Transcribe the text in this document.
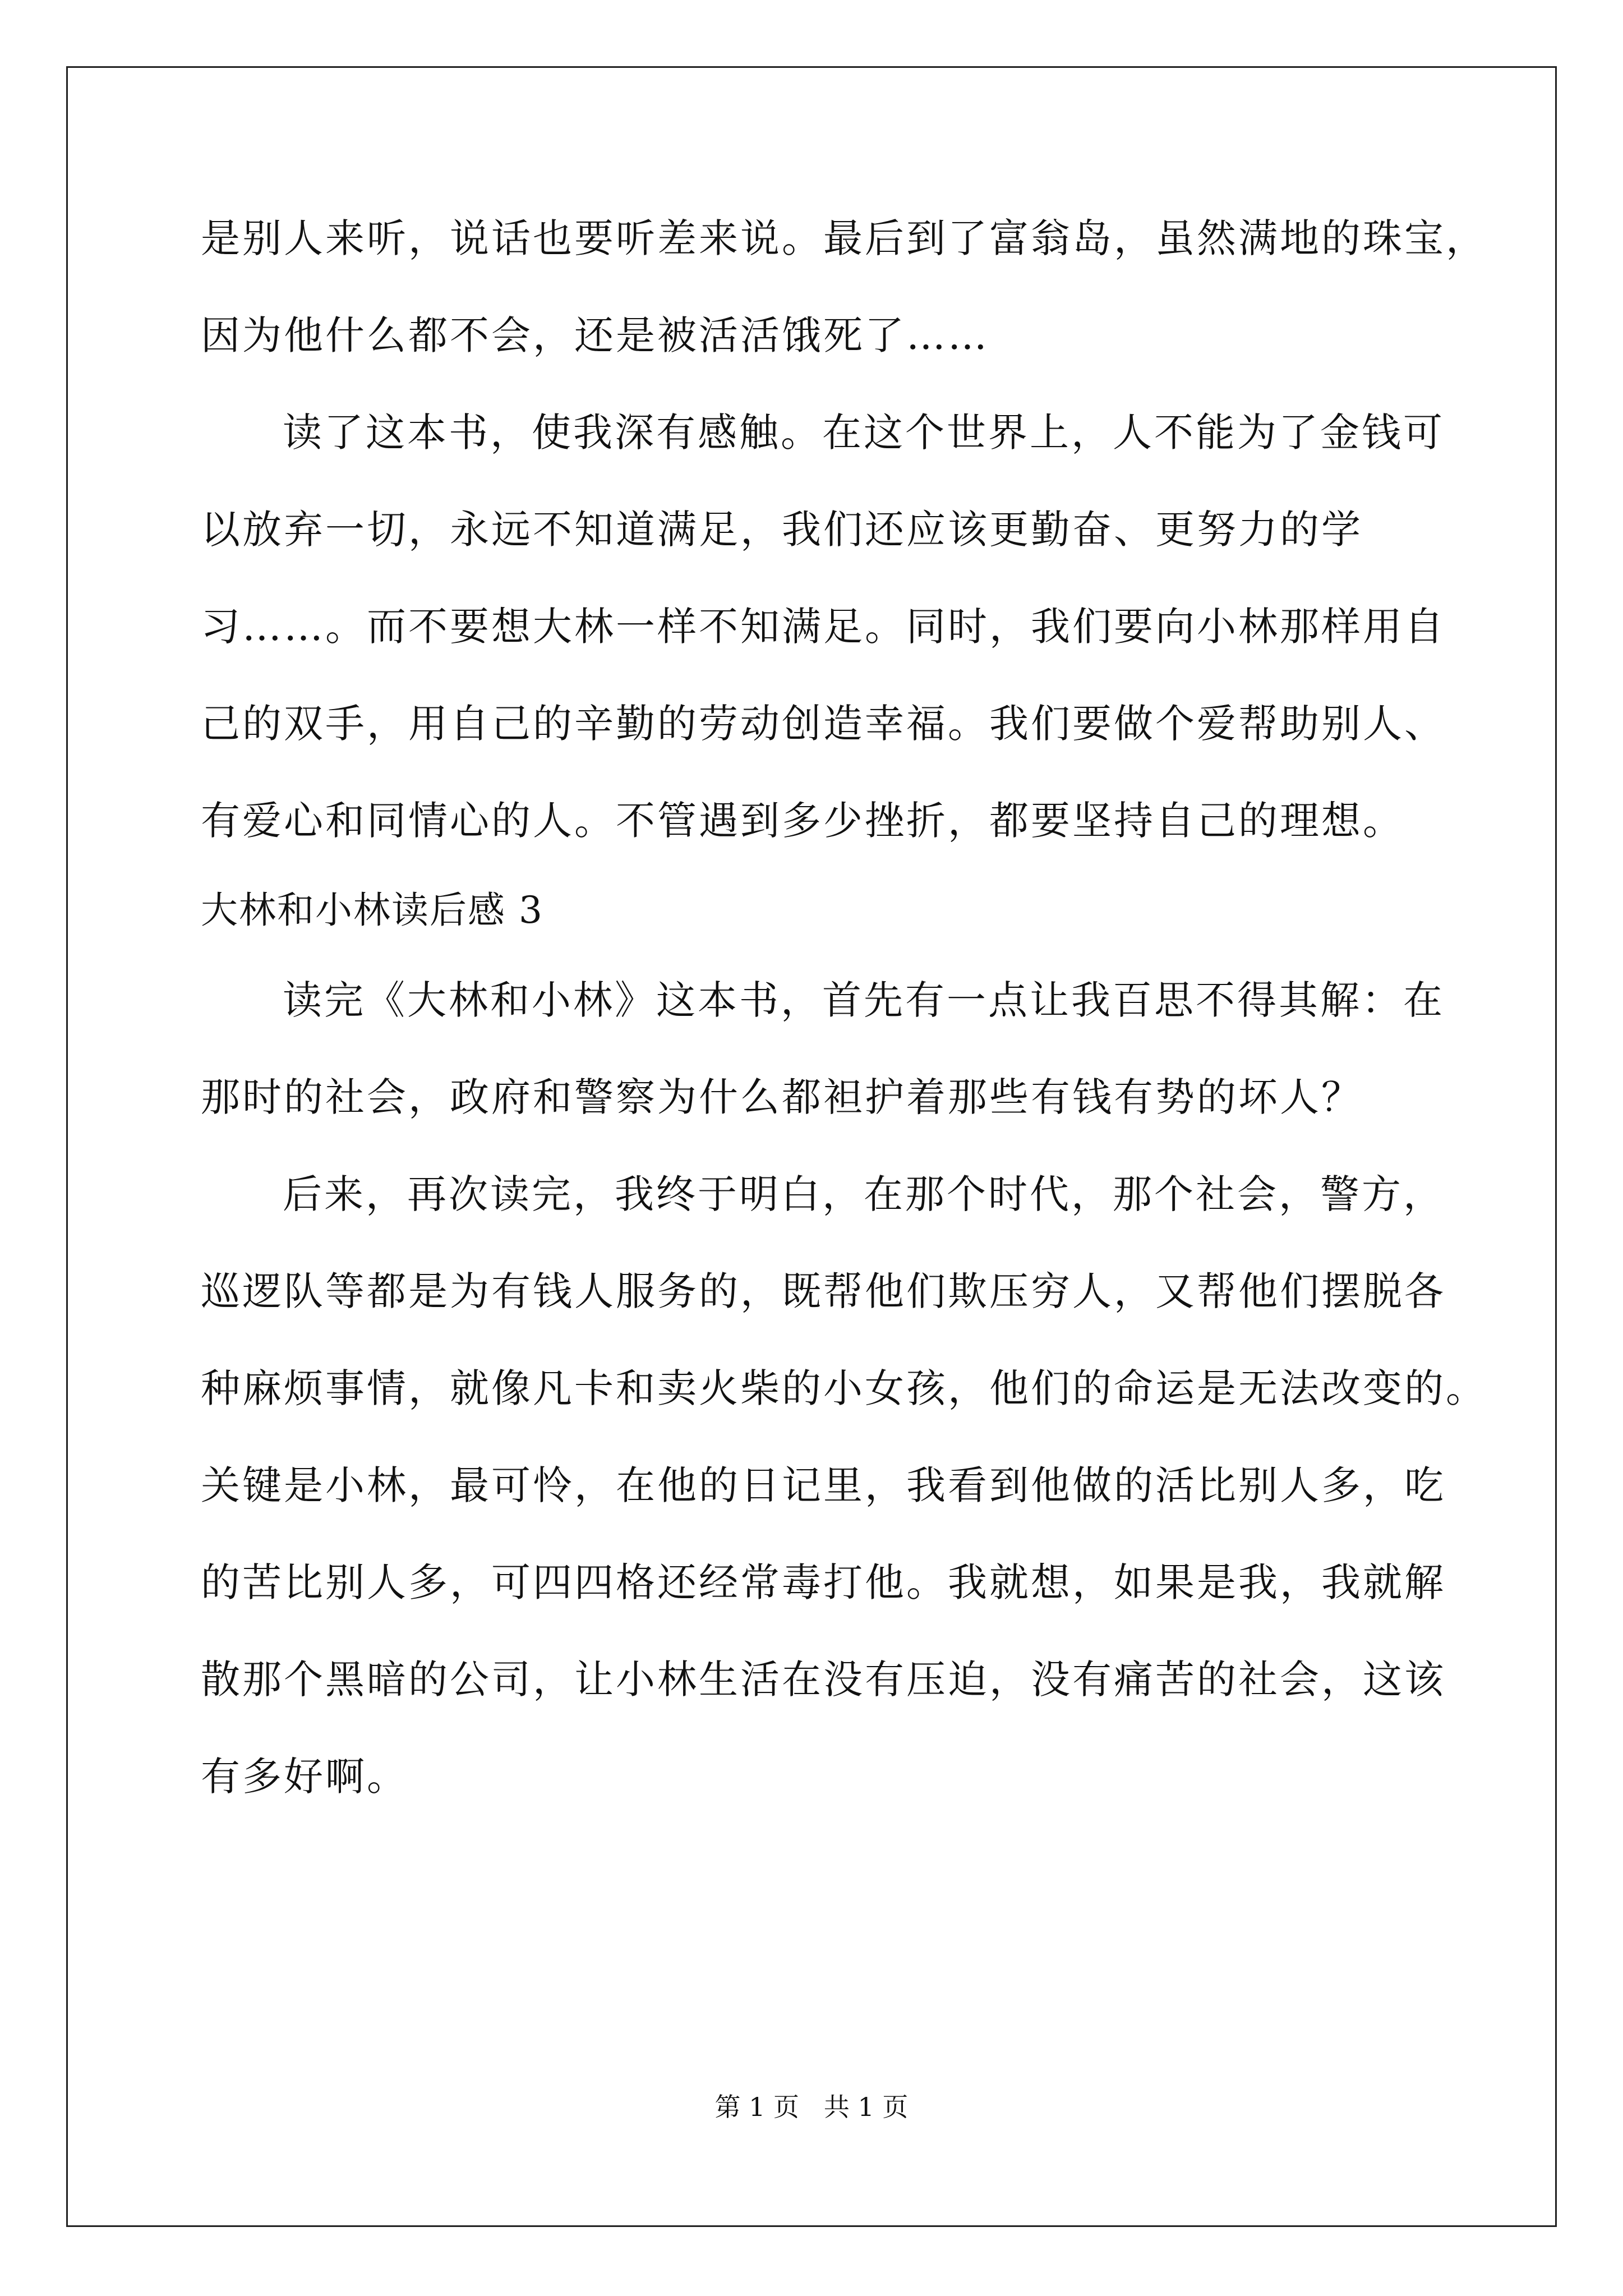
是别人来听，说话也要听差来说。最后到了富翁岛，虽然满地的珠宝，
因为他什么都不会，还是被活活饿死了……
读了这本书，使我深有感触。在这个世界上，人不能为了金钱可
以放弃一切，永远不知道满足，我们还应该更勤奋、更努力的学
习……。而不要想大林一样不知满足。同时，我们要向小林那样用自
己的双手，用自己的辛勤的劳动创造幸福。我们要做个爱帮助别人、
有爱心和同情心的人。不管遇到多少挫折，都要坚持自己的理想。
大林和小林读后感 3
读完《大林和小林》这本书，首先有一点让我百思不得其解：在
那时的社会，政府和警察为什么都袒护着那些有钱有势的坏人？
后来，再次读完，我终于明白，在那个时代，那个社会，警方，
巡逻队等都是为有钱人服务的，既帮他们欺压穷人，又帮他们摆脱各
种麻烦事情，就像凡卡和卖火柴的小女孩，他们的命运是无法改变的。
关键是小林，最可怜，在他的日记里，我看到他做的活比别人多，吃
的苦比别人多，可四四格还经常毒打他。我就想，如果是我，我就解
散那个黑暗的公司，让小林生活在没有压迫，没有痛苦的社会，这该
有多好啊。
第 1 页   共 1 页
